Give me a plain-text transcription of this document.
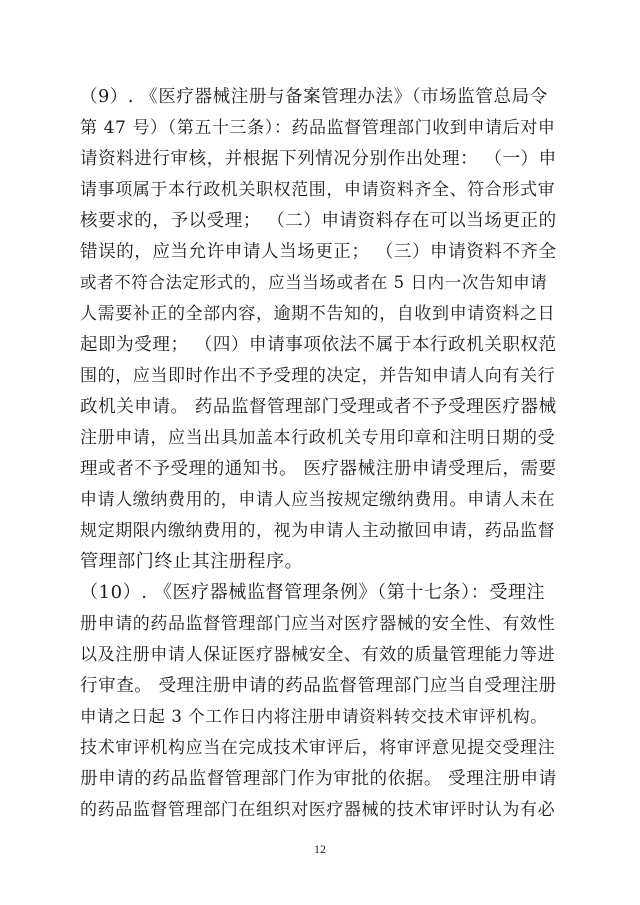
（9）. 《医疗器械注册与备案管理办法》（市场监管总局令
第 47 号）（第五十三条）：药品监督管理部门收到申请后对申
请资料进行审核，并根据下列情况分别作出处理： （一）申
请事项属于本行政机关职权范围，申请资料齐全、符合形式审
核要求的，予以受理； （二）申请资料存在可以当场更正的
错误的，应当允许申请人当场更正； （三）申请资料不齐全
或者不符合法定形式的，应当当场或者在 5 日内一次告知申请
人需要补正的全部内容，逾期不告知的，自收到申请资料之日
起即为受理； （四）申请事项依法不属于本行政机关职权范
围的，应当即时作出不予受理的决定，并告知申请人向有关行
政机关申请。 药品监督管理部门受理或者不予受理医疗器械
注册申请，应当出具加盖本行政机关专用印章和注明日期的受
理或者不予受理的通知书。 医疗器械注册申请受理后，需要
申请人缴纳费用的，申请人应当按规定缴纳费用。申请人未在
规定期限内缴纳费用的，视为申请人主动撤回申请，药品监督
管理部门终止其注册程序。
（10）. 《医疗器械监督管理条例》（第十七条）：受理注
册申请的药品监督管理部门应当对医疗器械的安全性、有效性
以及注册申请人保证医疗器械安全、有效的质量管理能力等进
行审查。 受理注册申请的药品监督管理部门应当自受理注册
申请之日起 3 个工作日内将注册申请资料转交技术审评机构。
技术审评机构应当在完成技术审评后，将审评意见提交受理注
册申请的药品监督管理部门作为审批的依据。 受理注册申请
的药品监督管理部门在组织对医疗器械的技术审评时认为有必
12
